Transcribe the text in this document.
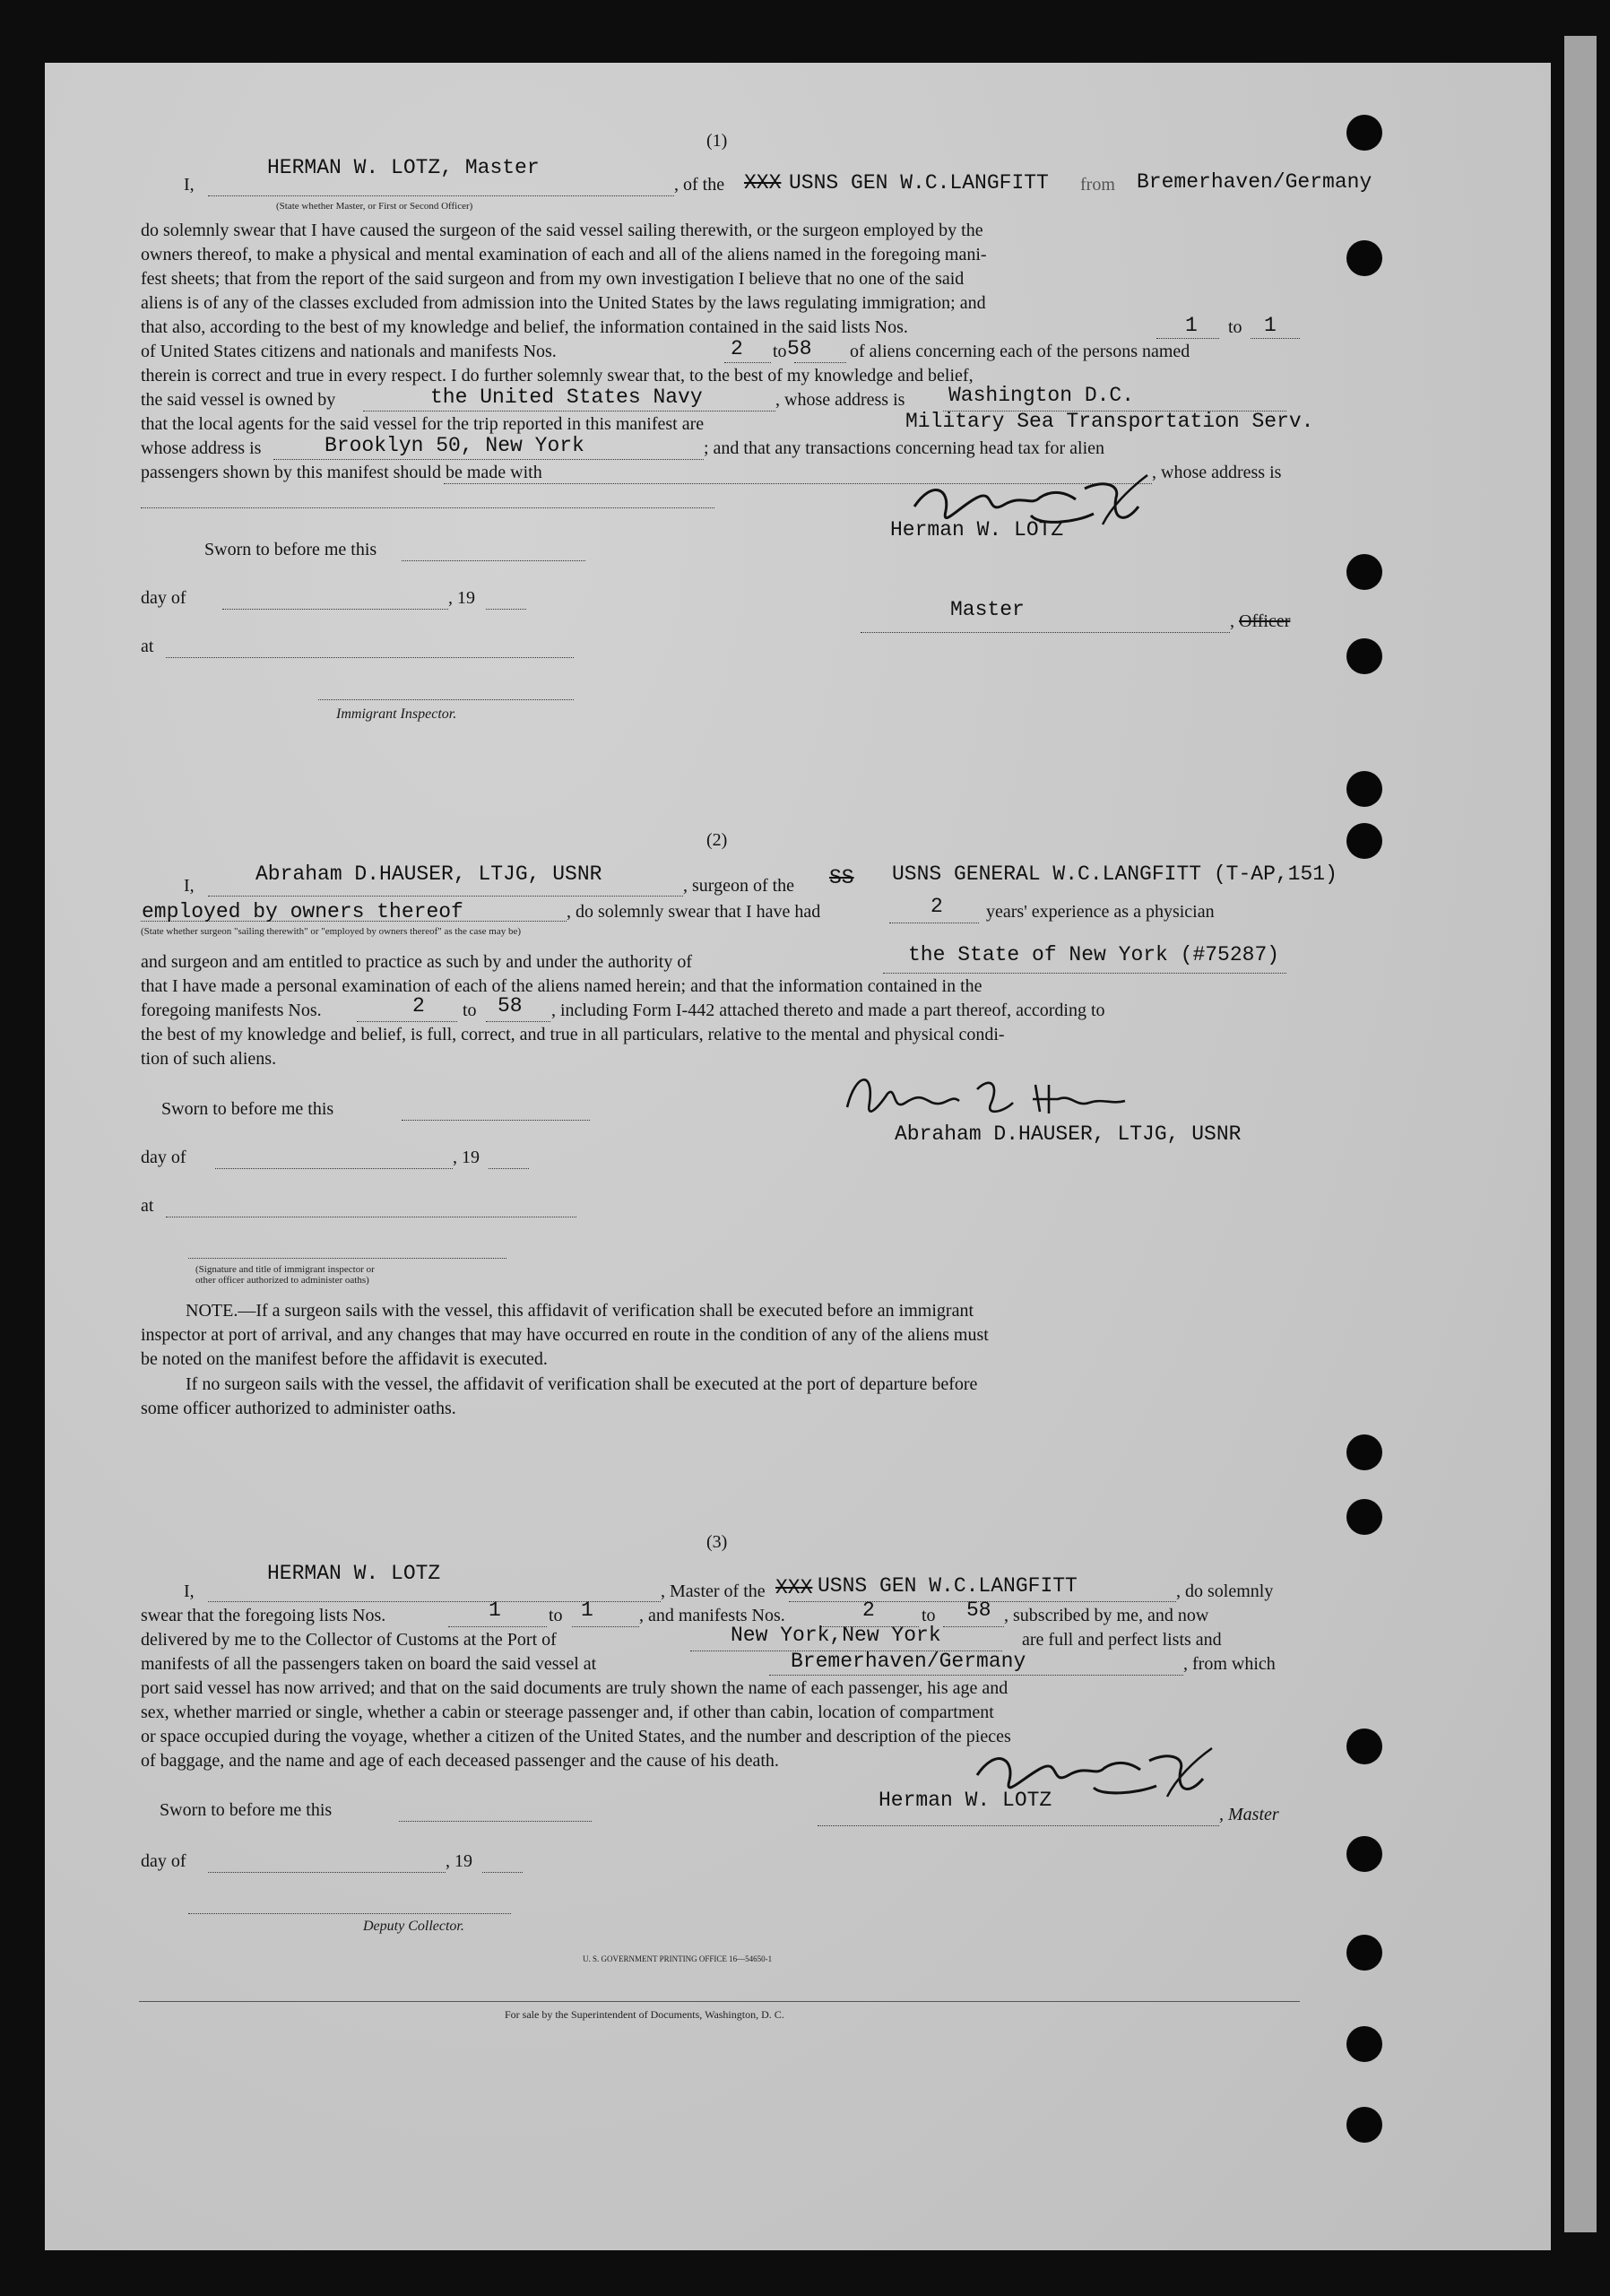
(1)
I,
HERMAN W. LOTZ, Master
(State whether Master, or First or Second Officer)
, of the XXX USNS GEN W.C.LANGFITT from Bremerhaven/Germany
do solemnly swear that I have caused the surgeon of the said vessel sailing therewith, or the surgeon employed by the
owners thereof, to make a physical and mental examination of each and all of the aliens named in the foregoing mani-
fest sheets; that from the report of the said surgeon and from my own investigation I believe that no one of the said
aliens is of any of the classes excluded from admission into the United States by the laws regulating immigration; and
that also, according to the best of my knowledge and belief, the information contained in the said lists Nos.	1 to 1
of United States citizens and nationals and manifests Nos.	2 to 58 of aliens concerning each of the persons named
therein is correct and true in every respect. I do further solemnly swear that, to the best of my knowledge and belief,
the said vessel is owned by	the United States Navy	, whose address is Washington D.C.
that the local agents for the said vessel for the trip reported in this manifest are	Military Sea Transportation Serv.
whose address is	Brooklyn 50, New York	; and that any transactions concerning head tax for alien
passengers shown by this manifest should be made with	, whose address is
Herman W. LOTZ
Sworn to before me this
day of	, 19
at
Immigrant Inspector.
Master	, Officer
(2)
I,	Abraham D.HAUSER, LTJG, USNR	, surgeon of the SS USNS GENERAL W.C.LANGFITT (T-AP,151)
employed by owners thereof
(State whether surgeon "sailing therewith" or "employed by owners thereof" as the case may be)
, do solemnly swear that I have had	2 years' experience as a physician
and surgeon and am entitled to practice as such by and under the authority of	the State of New York (#75287)
that I have made a personal examination of each of the aliens named herein; and that the information contained in the
foregoing manifests Nos.	2 to 58 , including Form I-442 attached thereto and made a part thereof, according to
the best of my knowledge and belief, is full, correct, and true in all particulars, relative to the mental and physical condi-
tion of such aliens.
Abraham D.HAUSER, LTJG, USNR
Sworn to before me this
day of	, 19
at
(Signature and title of immigrant inspector or
other officer authorized to administer oaths)
NOTE.—If a surgeon sails with the vessel, this affidavit of verification shall be executed before an immigrant
inspector at port of arrival, and any changes that may have occurred en route in the condition of any of the aliens must
be noted on the manifest before the affidavit is executed.
If no surgeon sails with the vessel, the affidavit of verification shall be executed at the port of departure before
some officer authorized to administer oaths.
(3)
I,
HERMAN W. LOTZ
, Master of the XXX USNS GEN W.C.LANGFITT	, do solemnly
swear that the foregoing lists Nos.	1	to 1	, and manifests Nos.	2	to 58 , subscribed by me, and now
delivered by me to the Collector of Customs at the Port of	New York,New York	are full and perfect lists and
manifests of all the passengers taken on board the said vessel at	Bremerhaven/Germany	, from which
port said vessel has now arrived; and that on the said documents are truly shown the name of each passenger, his age and
sex, whether married or single, whether a cabin or steerage passenger and, if other than cabin, location of compartment
or space occupied during the voyage, whether a citizen of the United States, and the number and description of the pieces
of baggage, and the name and age of each deceased passenger and the cause of his death.
Herman W. LOTZ
, Master
Sworn to before me this
day of	, 19
Deputy Collector.
U. S. GOVERNMENT PRINTING OFFICE 16—54650-1
For sale by the Superintendent of Documents, Washington, D. C.
